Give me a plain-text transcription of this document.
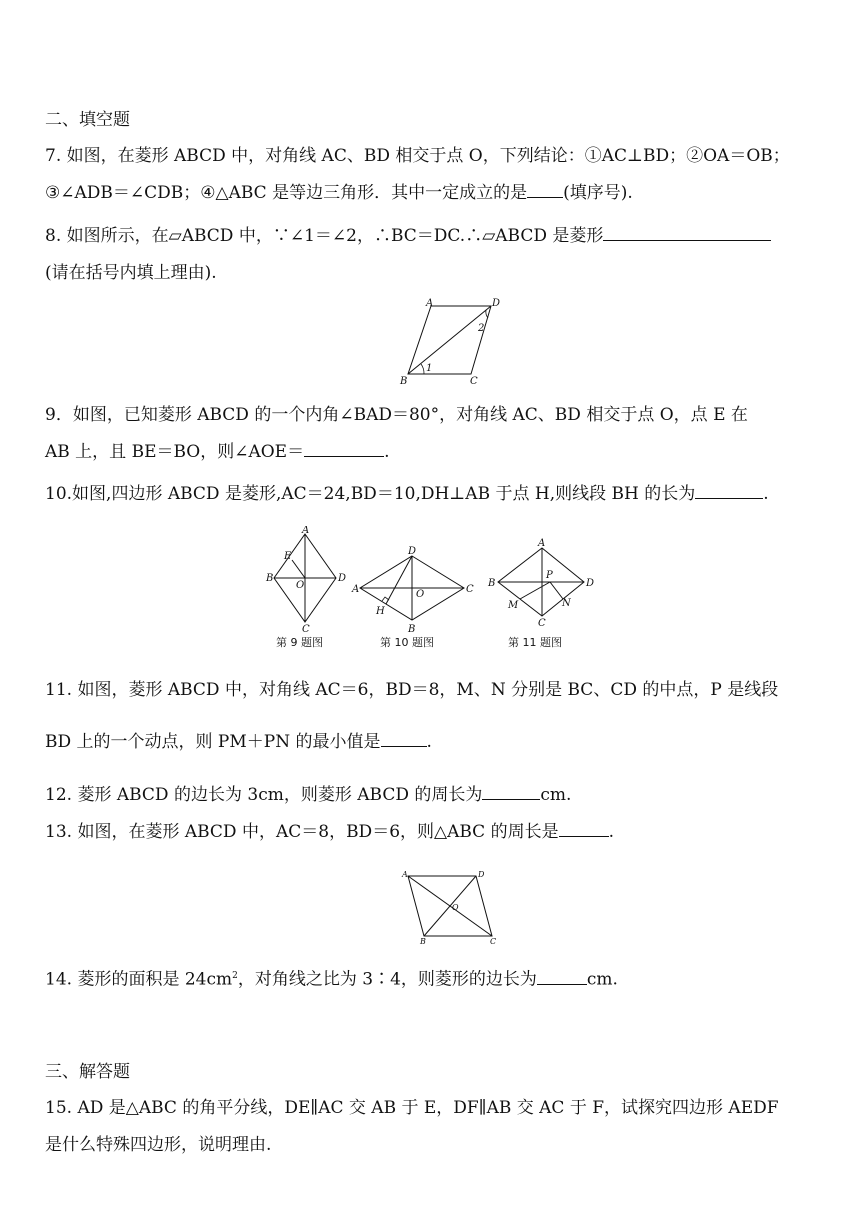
二、填空题
7. 如图，在菱形 ABCD 中，对角线 AC、BD 相交于点 O，下列结论：①AC⊥BD；②OA＝OB；
③∠ADB＝∠CDB；④△ABC 是等边三角形．其中一定成立的是 (填序号).
8. 如图所示，在▱ABCD 中，∵∠1＝∠2，∴BC＝DC.∴▱ABCD 是菱形
(请在括号内填上理由).
A	D
B	C
1
2
9．如图，已知菱形 ABCD 的一个内角∠BAD＝80°，对角线 AC、BD 相交于点 O，点 E 在
AB 上，且 BE＝BO，则∠AOE＝	.
10.如图,四边形 ABCD 是菱形,AC＝24,BD＝10,DH⊥AB 于点 H,则线段 BH 的长为	.
A
E
B	D
O
C
第 9 题图
D
A	C
O
H
B
第 10 题图
A
P
B	D
M	N
C
第 11 题图
11. 如图，菱形 ABCD 中，对角线 AC＝6，BD＝8，M、N 分别是 BC、CD 的中点，P 是线段
BD 上的一个动点，则 PM＋PN 的最小值是	.
12. 菱形 ABCD 的边长为 3cm，则菱形 ABCD 的周长为	cm.
13. 如图，在菱形 ABCD 中，AC＝8，BD＝6，则△ABC 的周长是	.
A	D
O
B	C
14. 菱形的面积是 $24cm^2$，对角线之比为 3∶4，则菱形的边长为	cm.
三、解答题
15. AD 是△ABC 的角平分线，DE∥AC 交 AB 于 E，DF∥AB 交 AC 于 F，试探究四边形 AEDF
是什么特殊四边形，说明理由.
